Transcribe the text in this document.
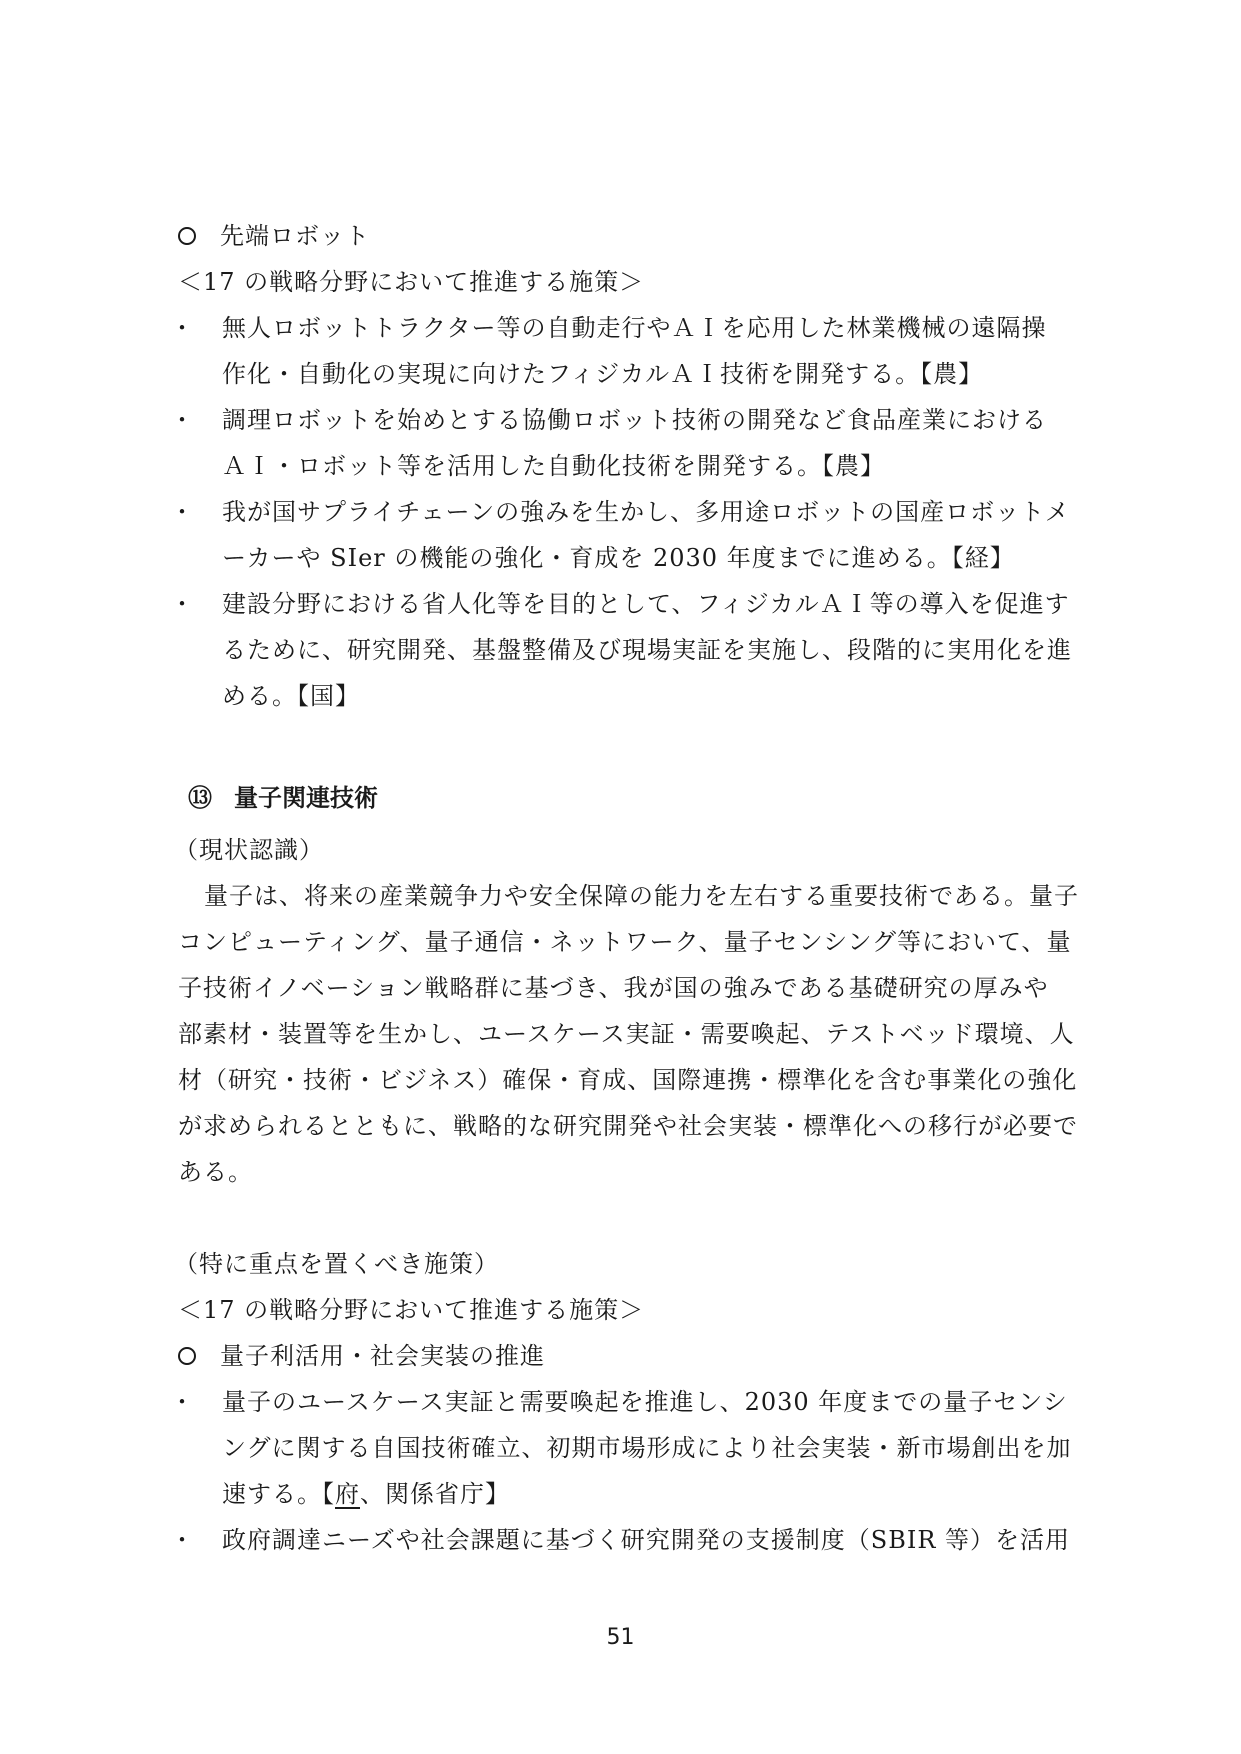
先端ロボット
＜17 の戦略分野において推進する施策＞
・ 無人ロボットトラクター等の自動走行やＡＩを応用した林業機械の遠隔操
作化・自動化の実現に向けたフィジカルＡＩ技術を開発する。【農】
・ 調理ロボットを始めとする協働ロボット技術の開発など食品産業における
ＡＩ・ロボット等を活用した自動化技術を開発する。【農】
・ 我が国サプライチェーンの強みを生かし、多用途ロボットの国産ロボットメ
ーカーや SIer の機能の強化・育成を 2030 年度までに進める。【経】
・ 建設分野における省人化等を目的として、フィジカルＡＩ等の導入を促進す
るために、研究開発、基盤整備及び現場実証を実施し、段階的に実用化を進
める。【国】
⑬ 量子関連技術
（現状認識）
量子は、将来の産業競争力や安全保障の能力を左右する重要技術である。量子
コンピューティング、量子通信・ネットワーク、量子センシング等において、量
子技術イノベーション戦略群に基づき、我が国の強みである基礎研究の厚みや
部素材・装置等を生かし、ユースケース実証・需要喚起、テストベッド環境、人
材（研究・技術・ビジネス）確保・育成、国際連携・標準化を含む事業化の強化
が求められるとともに、戦略的な研究開発や社会実装・標準化への移行が必要で
ある。
（特に重点を置くべき施策）
＜17 の戦略分野において推進する施策＞
量子利活用・社会実装の推進
・ 量子のユースケース実証と需要喚起を推進し、2030 年度までの量子センシ
ングに関する自国技術確立、初期市場形成により社会実装・新市場創出を加
速する。【府、関係省庁】
・ 政府調達ニーズや社会課題に基づく研究開発の支援制度（SBIR 等）を活用
51
